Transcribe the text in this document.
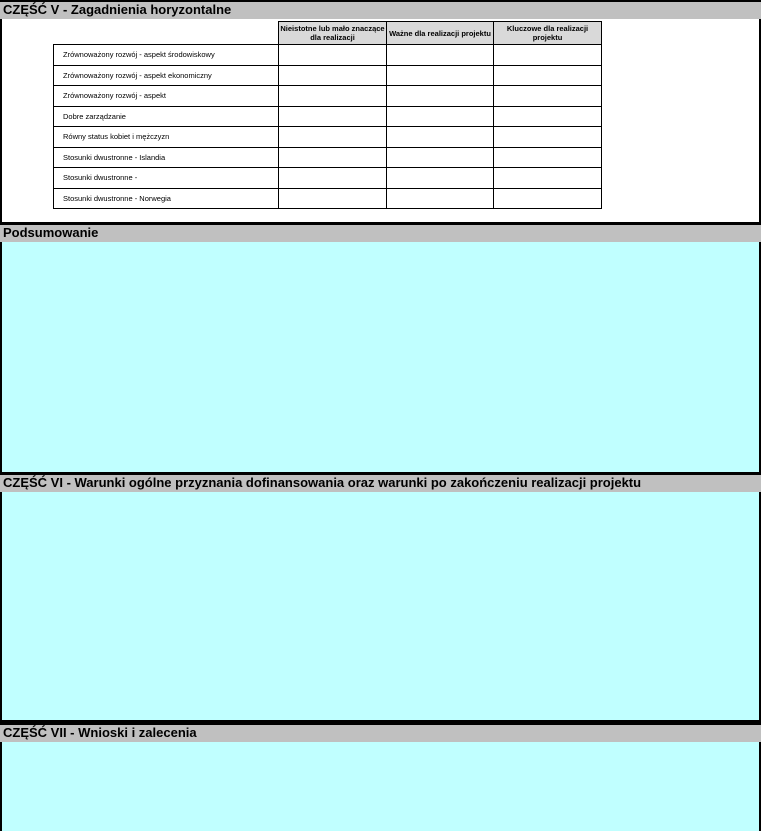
CZĘŚĆ V - Zagadnienia horyzontalne
	Nieistotne lub mało znaczące dla realizacji	Ważne dla realizacji projektu	Kluczowe dla realizacji projektu
Zrównoważony rozwój - aspekt środowiskowy			
Zrównoważony rozwój - aspekt ekonomiczny			
Zrównoważony rozwój - aspekt			
Dobre zarządzanie			
Równy status kobiet i mężczyzn			
Stosunki dwustronne - Islandia			
Stosunki dwustronne -			
Stosunki dwustronne - Norwegia			
Podsumowanie
CZĘŚĆ VI - Warunki ogólne przyznania dofinansowania oraz warunki po zakończeniu realizacji projektu
CZĘŚĆ VII - Wnioski i zalecenia
